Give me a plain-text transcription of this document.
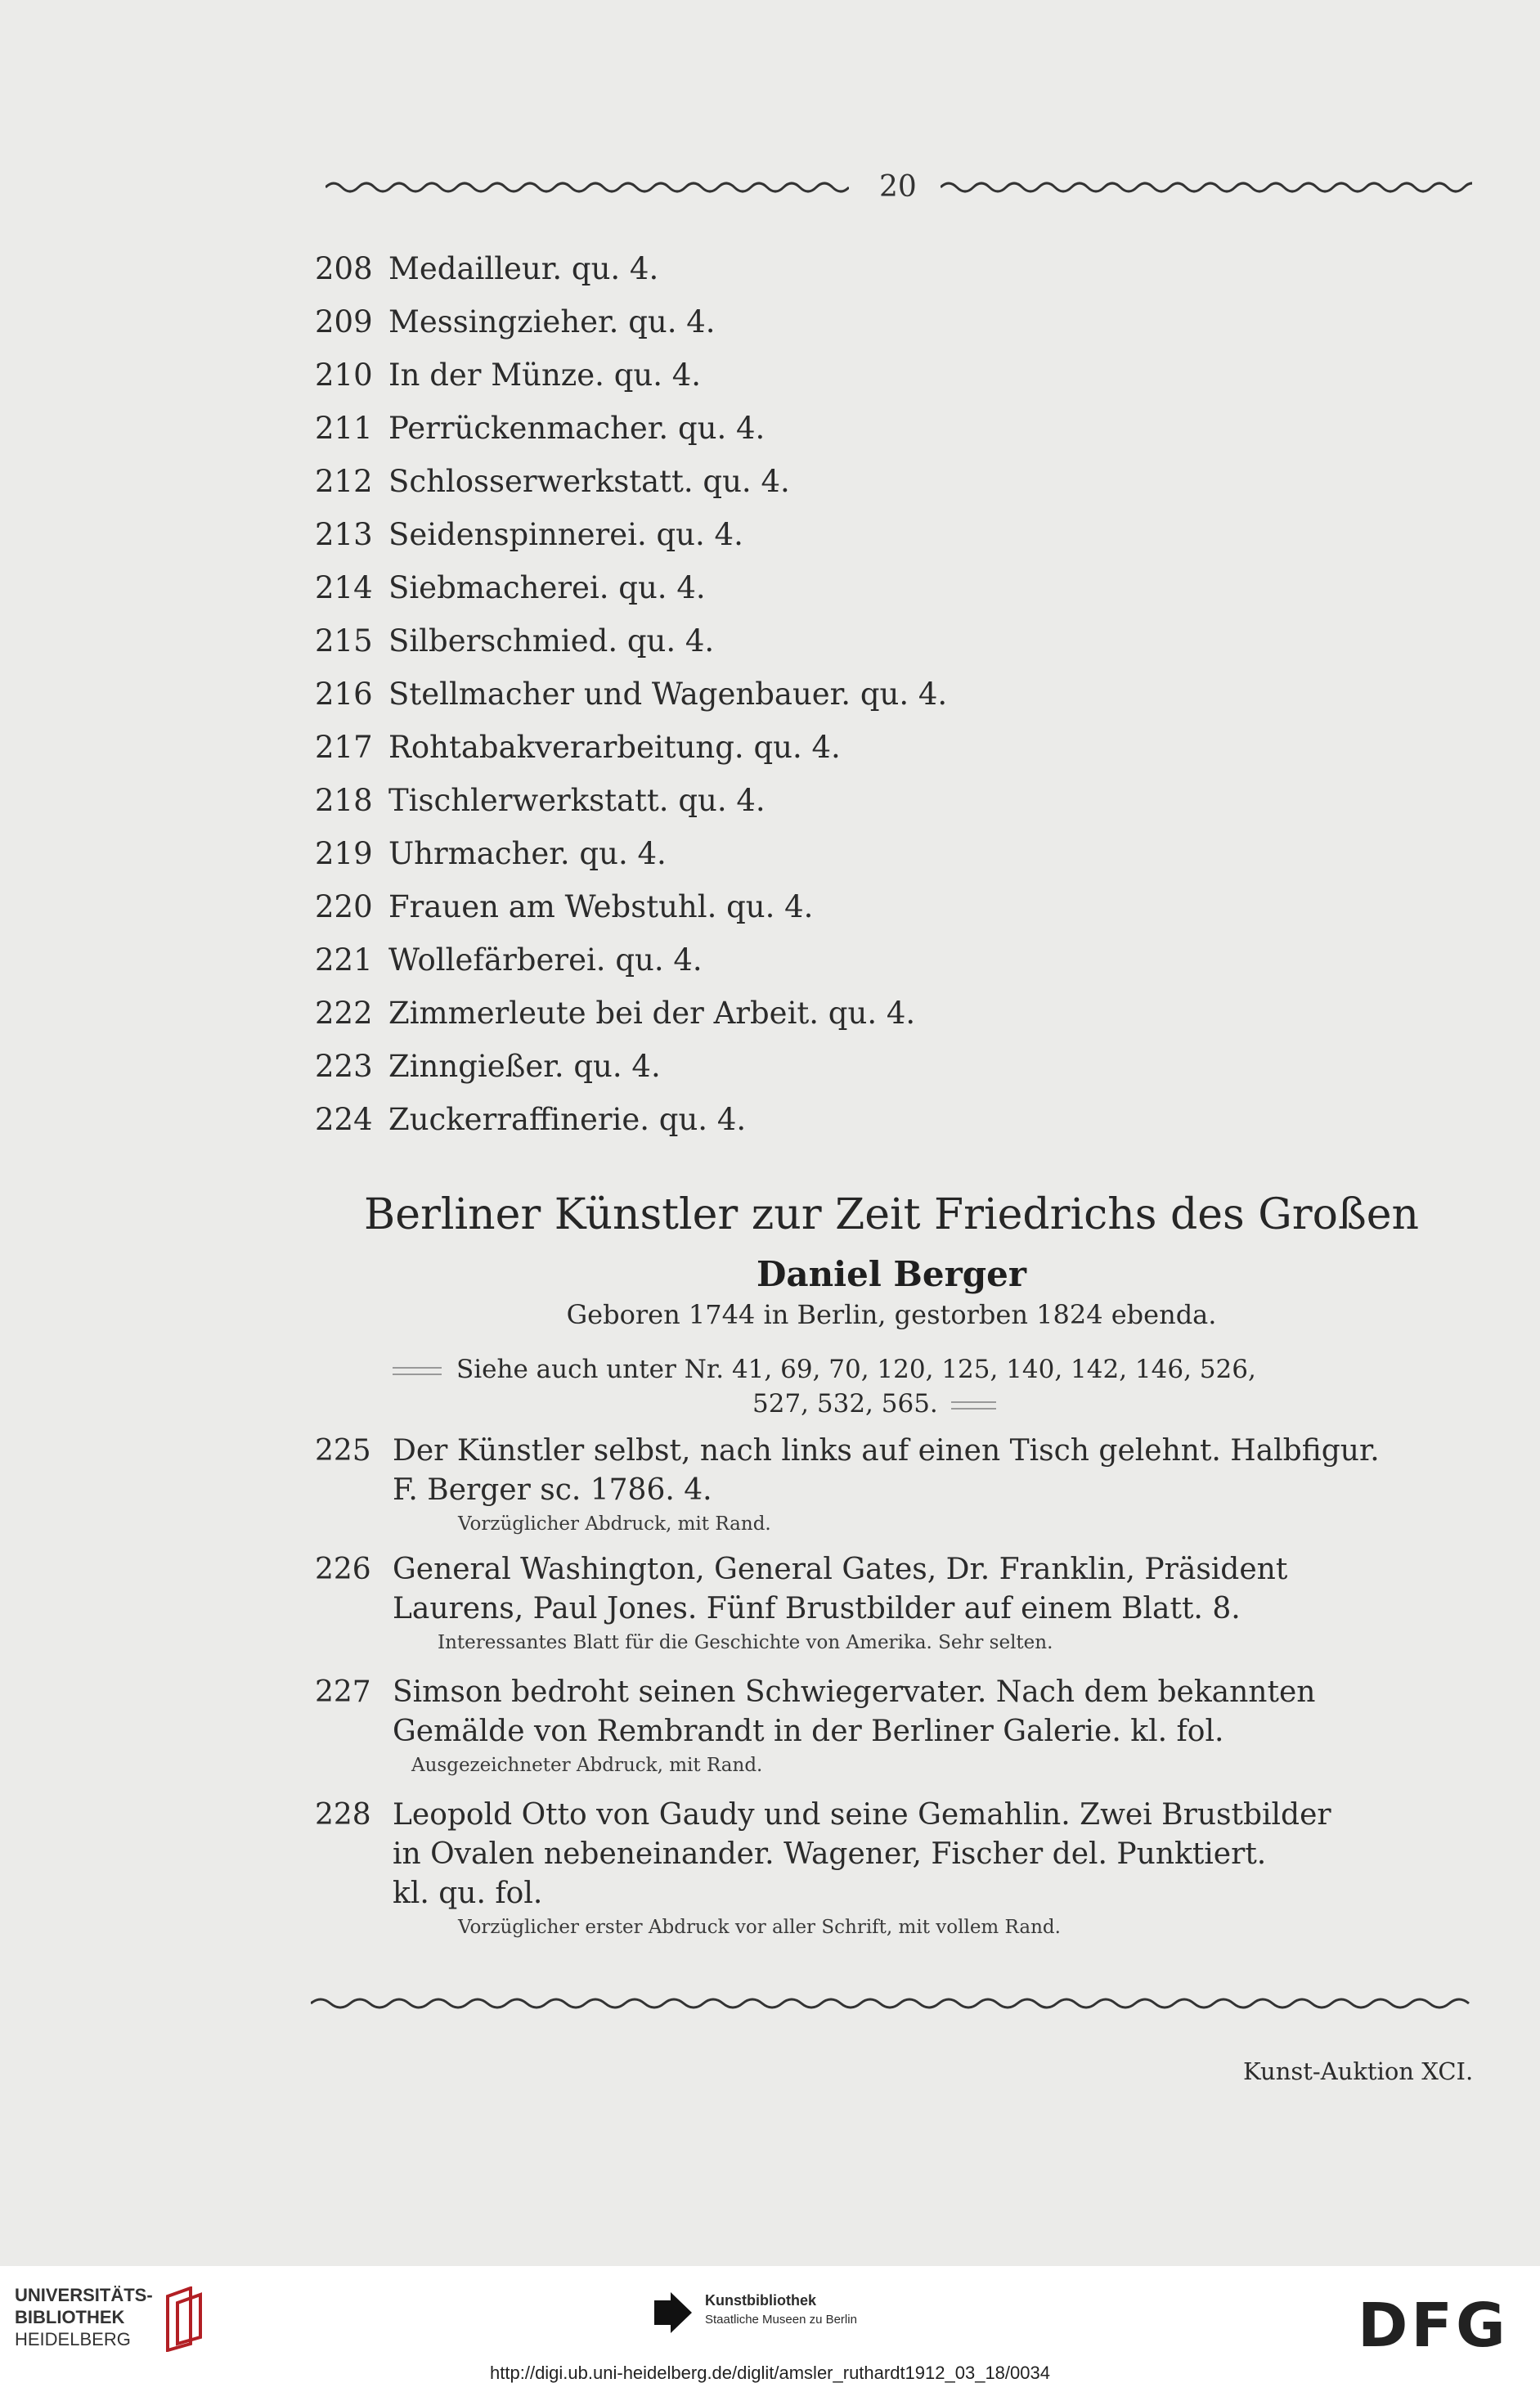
20
208 Medailleur. qu. 4.
209 Messingzieher. qu. 4.
210 In der Münze. qu. 4.
211 Perrückenmacher. qu. 4.
212 Schlosserwerkstatt. qu. 4.
213 Seidenspinnerei. qu. 4.
214 Siebmacherei. qu. 4.
215 Silberschmied. qu. 4.
216 Stellmacher und Wagenbauer. qu. 4.
217 Rohtabakverarbeitung. qu. 4.
218 Tischlerwerkstatt. qu. 4.
219 Uhrmacher. qu. 4.
220 Frauen am Webstuhl. qu. 4.
221 Wollefärberei. qu. 4.
222 Zimmerleute bei der Arbeit. qu. 4.
223 Zinngießer. qu. 4.
224 Zuckerraffinerie. qu. 4.
Berliner Künstler zur Zeit Friedrichs des Großen
Daniel Berger
Geboren 1744 in Berlin, gestorben 1824 ebenda.
Siehe auch unter Nr. 41, 69, 70, 120, 125, 140, 142, 146, 526,
527, 532, 565.
225 Der Künstler selbst, nach links auf einen Tisch gelehnt. Halbfigur.
F. Berger sc. 1786. 4.
Vorzüglicher Abdruck, mit Rand.
226 General Washington, General Gates, Dr. Franklin, Präsident
Laurens, Paul Jones. Fünf Brustbilder auf einem Blatt. 8.
Interessantes Blatt für die Geschichte von Amerika. Sehr selten.
227 Simson bedroht seinen Schwiegervater. Nach dem bekannten
Gemälde von Rembrandt in der Berliner Galerie. kl. fol.
Ausgezeichneter Abdruck, mit Rand.
228 Leopold Otto von Gaudy und seine Gemahlin. Zwei Brustbilder
in Ovalen nebeneinander. Wagener, Fischer del. Punktiert.
kl. qu. fol.
Vorzüglicher erster Abdruck vor aller Schrift, mit vollem Rand.
Kunst-Auktion XCI.
UNIVERSITÄTS-
BIBLIOTHEK
HEIDELBERG
Kunstbibliothek
Staatliche Museen zu Berlin	DFG
http://digi.ub.uni-heidelberg.de/diglit/amsler_ruthardt1912_03_18/0034
